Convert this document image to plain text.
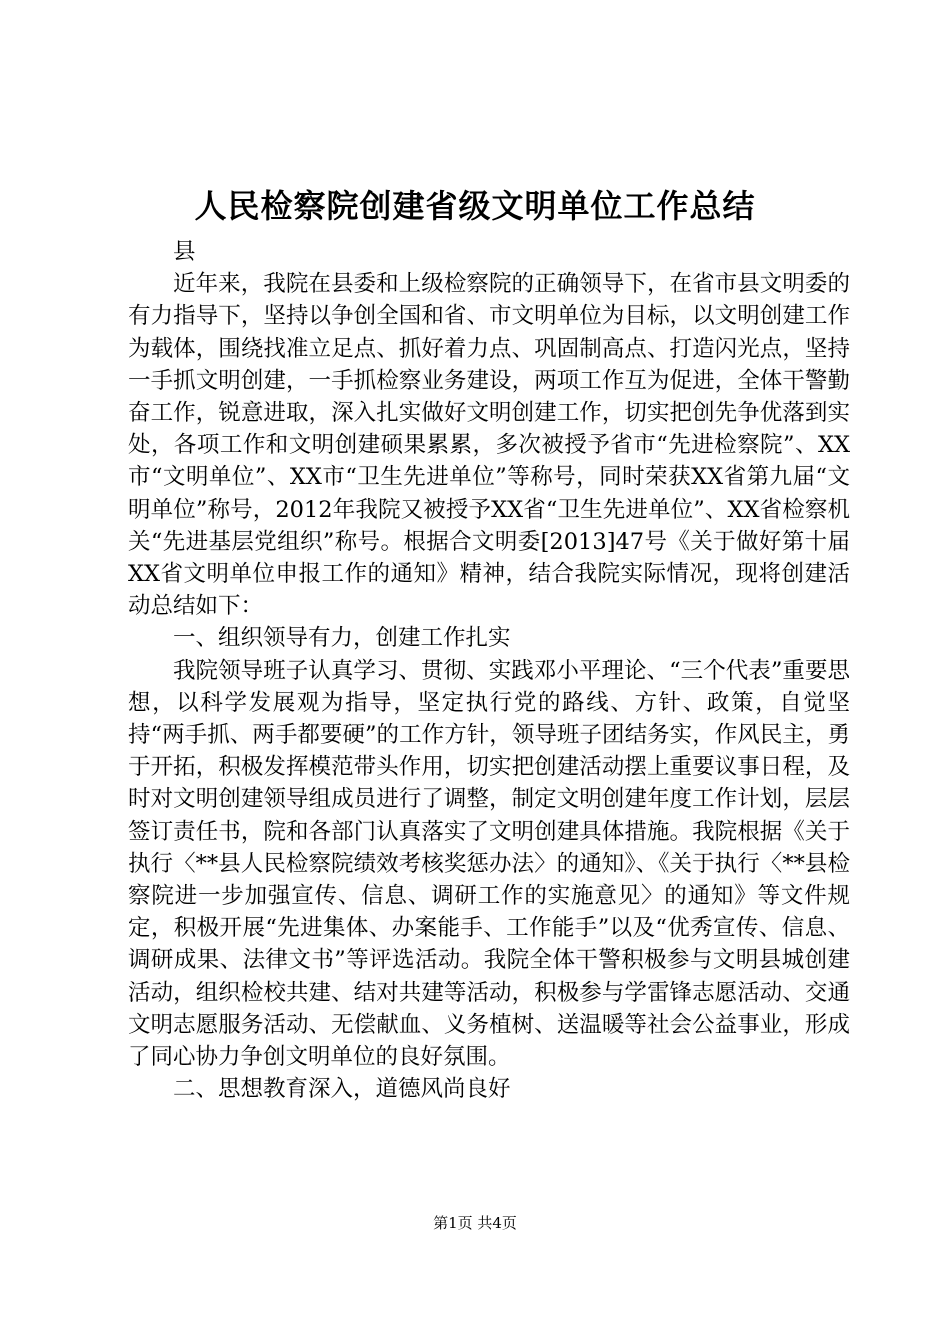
人民检察院创建省级文明单位工作总结

县

近年来，我院在县委和上级检察院的正确领导下，在省市县文明委的有力指导下，坚持以争创全国和省、市文明单位为目标，以文明创建工作为载体，围绕找准立足点、抓好着力点、巩固制高点、打造闪光点，坚持一手抓文明创建，一手抓检察业务建设，两项工作互为促进，全体干警勤奋工作，锐意进取，深入扎实做好文明创建工作，切实把创先争优落到实处，各项工作和文明创建硕果累累，多次被授予省市“先进检察院”、XX市“文明单位”、XX市“卫生先进单位”等称号，同时荣获XX省第九届“文明单位”称号，2012年我院又被授予XX省“卫生先进单位”、XX省检察机关“先进基层党组织”称号。根据合文明委[2013]47号《关于做好第十届XX省文明单位申报工作的通知》精神，结合我院实际情况，现将创建活动总结如下：

一、组织领导有力，创建工作扎实

我院领导班子认真学习、贯彻、实践邓小平理论、“三个代表”重要思想，以科学发展观为指导，坚定执行党的路线、方针、政策，自觉坚持“两手抓、两手都要硬”的工作方针，领导班子团结务实，作风民主，勇于开拓，积极发挥模范带头作用，切实把创建活动摆上重要议事日程，及时对文明创建领导组成员进行了调整，制定文明创建年度工作计划，层层签订责任书，院和各部门认真落实了文明创建具体措施。我院根据《关于执行〈**县人民检察院绩效考核奖惩办法〉的通知》、《关于执行〈**县检察院进一步加强宣传、信息、调研工作的实施意见〉的通知》等文件规定，积极开展“先进集体、办案能手、工作能手”以及“优秀宣传、信息、调研成果、法律文书”等评选活动。我院全体干警积极参与文明县城创建活动，组织检校共建、结对共建等活动，积极参与学雷锋志愿活动、交通文明志愿服务活动、无偿献血、义务植树、送温暖等社会公益事业，形成了同心协力争创文明单位的良好氛围。

二、思想教育深入，道德风尚良好
第1页 共4页
